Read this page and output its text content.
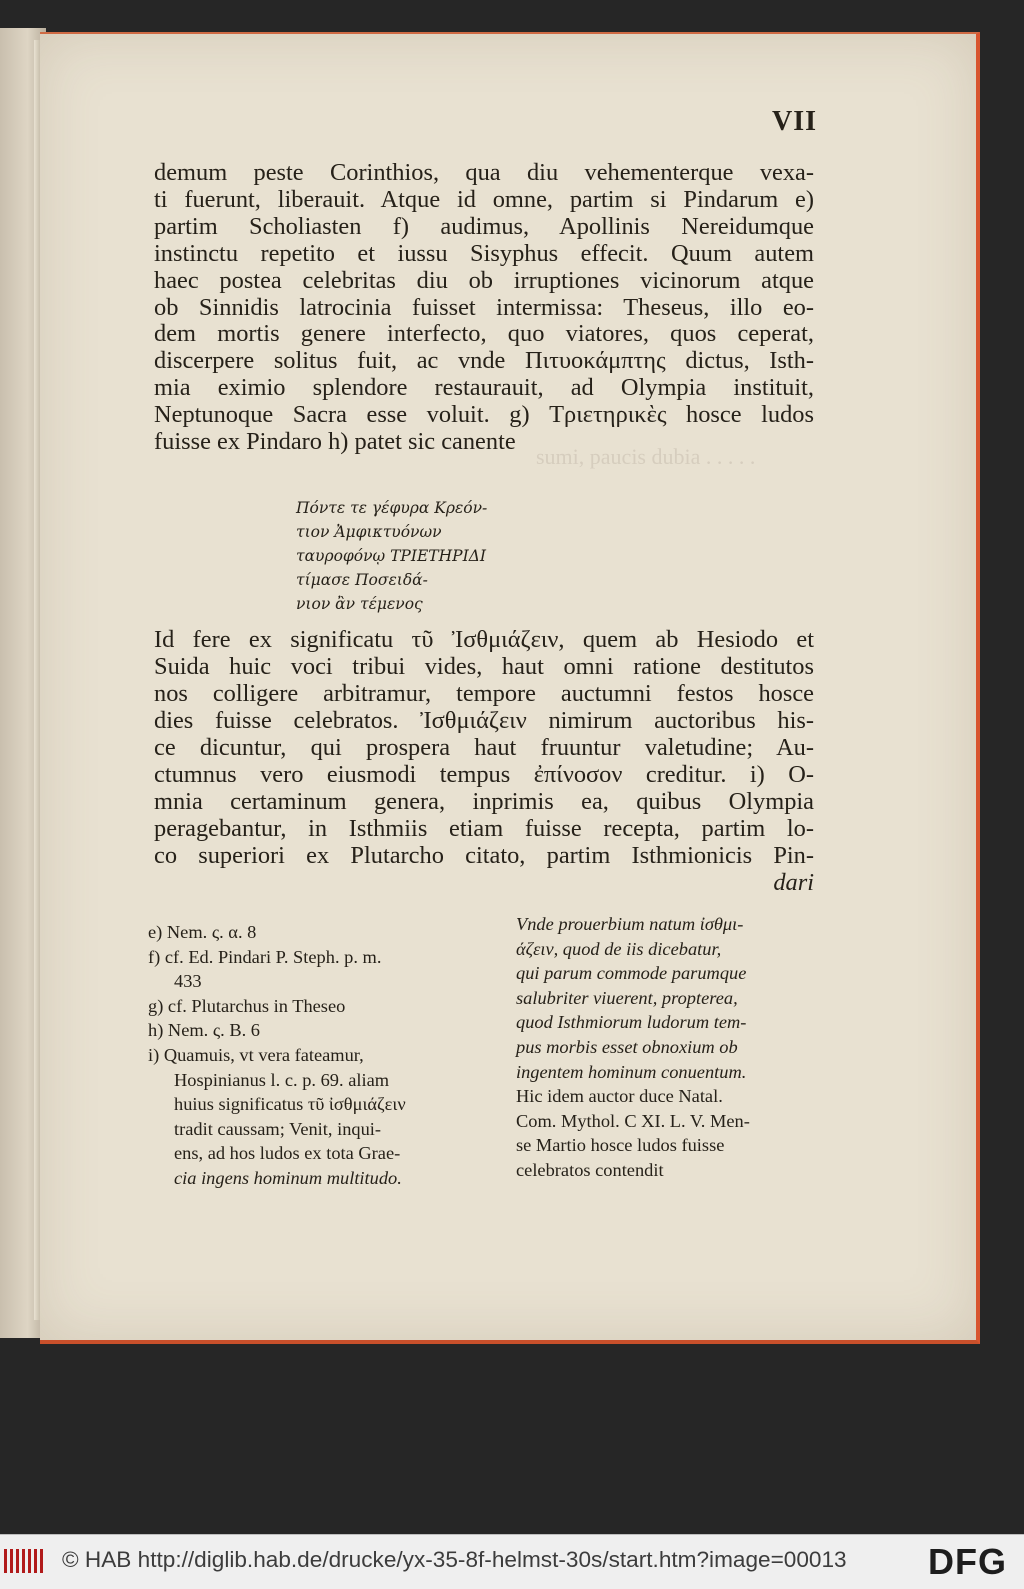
sumi, paucis dubia . . . . .
VII
demum peste Corinthios, qua diu vehementerque vexa-
ti fuerunt, liberauit. Atque id omne, partim si Pindarum e)
partim Scholiasten f) audimus, Apollinis Nereidumque
instinctu repetito et iussu Sisyphus effecit. Quum autem
haec postea celebritas diu ob irruptiones vicinorum atque
ob Sinnidis latrocinia fuisset intermissa: Theseus, illo eo-
dem mortis genere interfecto, quo viatores, quos ceperat,
discerpere solitus fuit, ac vnde Πιτυοκάμπτης dictus, Isth-
mia eximio splendore restaurauit, ad Olympia instituit,
Neptunoque Sacra esse voluit. g) Τριετηρικὲς hosce ludos
fuisse ex Pindaro h) patet sic canente
Πόντε τε γέφυρα Κρεόν-
τιον Ἀμφικτυόνων
ταυροφόνῳ ΤΡΙΕΤΗΡΙΔΙ
τίμασε Ποσειδά-
νιον ἂν τέμενος
Id fere ex significatu τῦ Ἰσθμιάζειν, quem ab Hesiodo et
Suida huic voci tribui vides, haut omni ratione destitutos
nos colligere arbitramur, tempore auctumni festos hosce
dies fuisse celebratos. Ἰσθμιάζειν nimirum auctoribus his-
ce dicuntur, qui prospera haut fruuntur valetudine; Au-
ctumnus vero eiusmodi tempus ἐπίνοσον creditur. i) O-
mnia certaminum genera, inprimis ea, quibus Olympia
peragebantur, in Isthmiis etiam fuisse recepta, partim lo-
co superiori ex Plutarcho citato, partim Isthmionicis Pin-
dari
e) Nem. ς. α. 8
f) cf. Ed. Pindari P. Steph. p. m.
433
g) cf. Plutarchus in Theseo
h) Nem. ς. B. 6
i) Quamuis, vt vera fateamur,
Hospinianus l. c. p. 69. aliam
huius significatus τῦ ἰσθμιάζειν
tradit caussam; Venit, inqui-
ens, ad hos ludos ex tota Grae-
cia ingens hominum multitudo.
Vnde prouerbium natum ἰσθμι-
άζειν, quod de iis dicebatur,
qui parum commode parumque
salubriter viuerent, propterea,
quod Isthmiorum ludorum tem-
pus morbis esset obnoxium ob
ingentem hominum conuentum.
Hic idem auctor duce Natal.
Com. Mythol. C XI. L. V. Men-
se Martio hosce ludos fuisse
celebratos contendit
© HAB http://diglib.hab.de/drucke/yx-35-8f-helmst-30s/start.htm?image=00013 DFG
